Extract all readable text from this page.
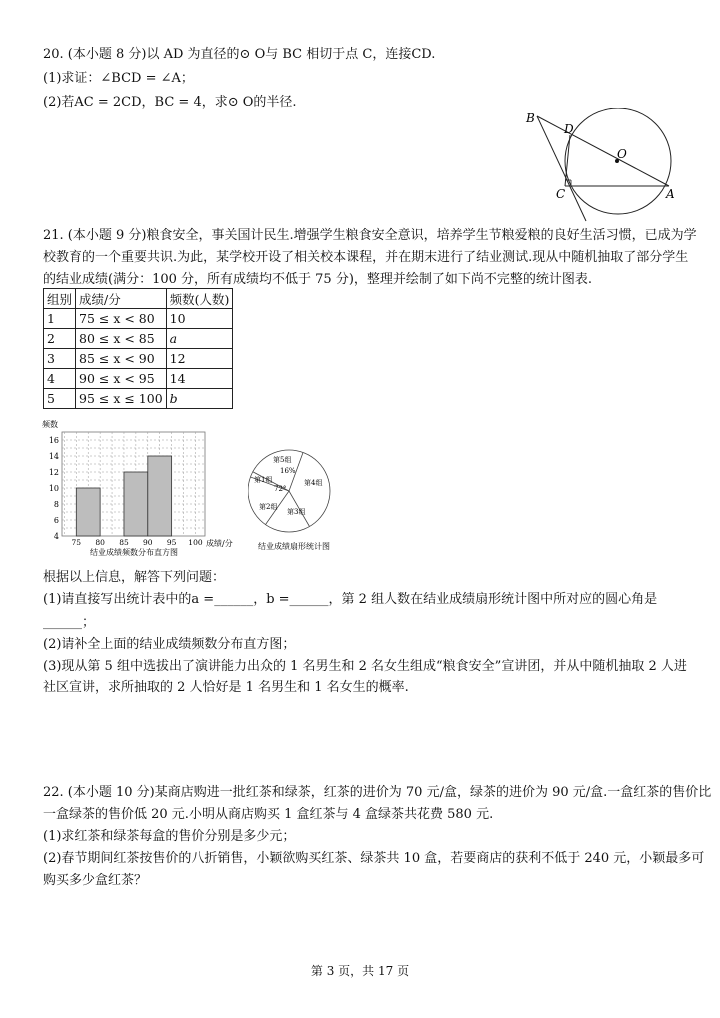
20. (本小题 8 分)以 AD 为直径的⊙ O与 BC 相切于点 C，连接CD.
(1)求证：∠BCD = ∠A；
(2)若AC = 2CD，BC = 4，求⊙ O的半径.
B
D
O
C	A
21. (本小题 9 分)粮食安全，事关国计民生.增强学生粮食安全意识，培养学生节粮爱粮的良好生活习惯，已成为学
校教育的一个重要共识.为此，某学校开设了相关校本课程，并在期末进行了结业测试.现从中随机抽取了部分学生
的结业成绩(满分：100 分，所有成绩均不低于 75 分)，整理并绘制了如下尚不完整的统计图表.
组别	成绩/分	频数(人数)
1	75 ≤ x < 80	10
2	80 ≤ x < 85	a
3	85 ≤ x < 90	12
4	90 ≤ x < 95	14
5	95 ≤ x ≤ 100	b
频数
4
6
8
10
12
14
16
75 80 85 90 95 100 成绩/分
结业成绩频数分布直方图
第5组
16%
第4组
第1组
72°
第2组
第3组
结业成绩扇形统计图
根据以上信息，解答下列问题：
(1)请直接写出统计表中的a =______，b =______，第 2 组人数在结业成绩扇形统计图中所对应的圆心角是
______；
(2)请补全上面的结业成绩频数分布直方图；
(3)现从第 5 组中选拔出了演讲能力出众的 1 名男生和 2 名女生组成“粮食安全”宣讲团，并从中随机抽取 2 人进
社区宣讲，求所抽取的 2 人恰好是 1 名男生和 1 名女生的概率.
22. (本小题 10 分)某商店购进一批红茶和绿茶，红茶的进价为 70 元/盒，绿茶的进价为 90 元/盒.一盒红茶的售价比
一盒绿茶的售价低 20 元.小明从商店购买 1 盒红茶与 4 盒绿茶共花费 580 元.
(1)求红茶和绿茶每盒的售价分别是多少元；
(2)春节期间红茶按售价的八折销售，小颖欲购买红茶、绿茶共 10 盒，若要商店的获利不低于 240 元，小颖最多可
购买多少盒红茶？
第 3 页，共 17 页
